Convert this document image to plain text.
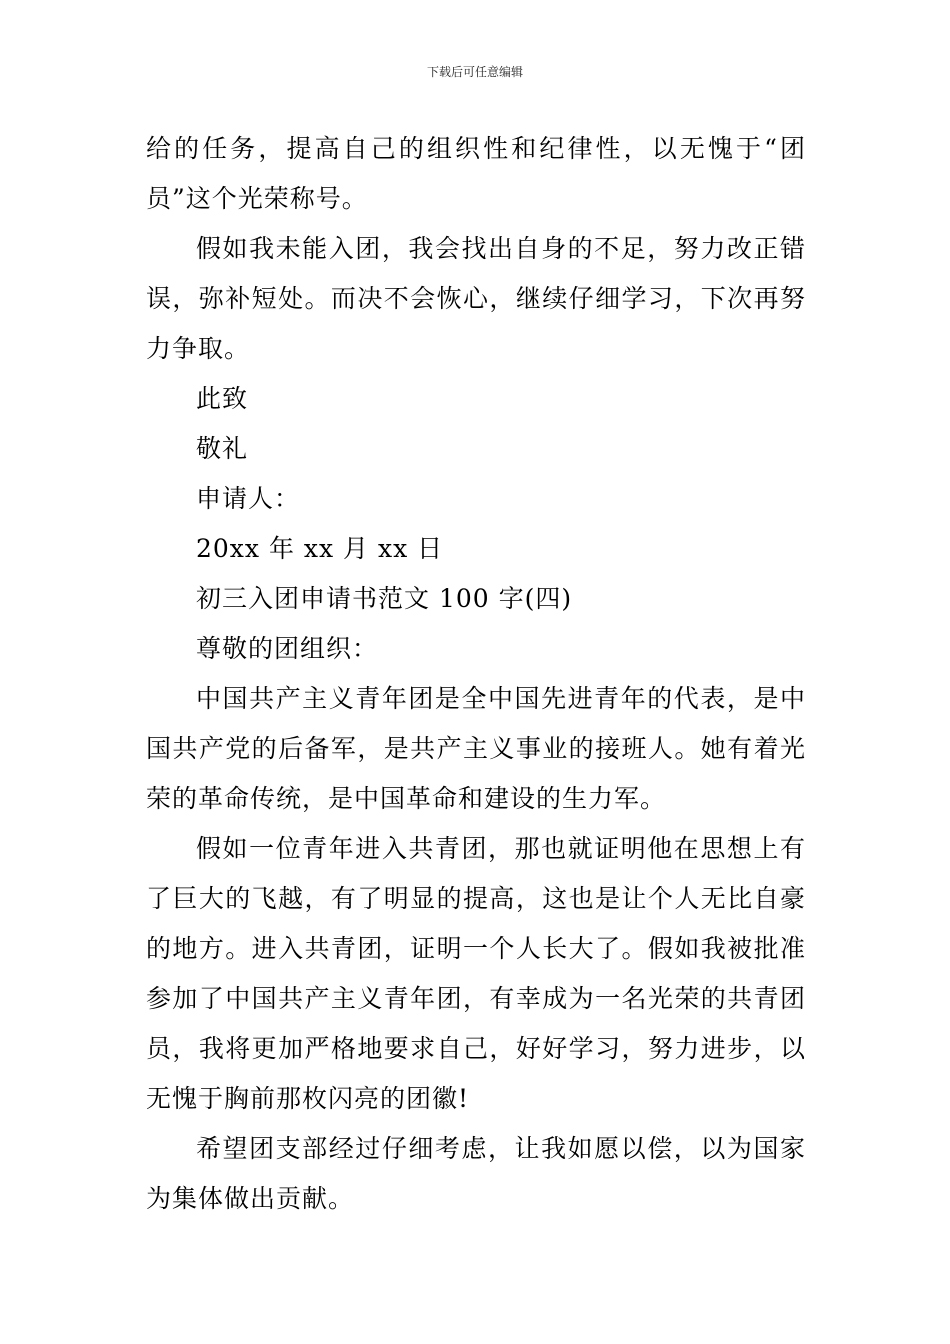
下载后可任意编辑

给的任务，提高自己的组织性和纪律性，以无愧于“团员”这个光荣称号。

假如我未能入团，我会找出自身的不足，努力改正错误，弥补短处。而决不会恢心，继续仔细学习，下次再努力争取。

此致

敬礼

申请人：

20xx 年 xx 月 xx 日

初三入团申请书范文 100 字(四)

尊敬的团组织：

中国共产主义青年团是全中国先进青年的代表，是中国共产党的后备军，是共产主义事业的接班人。她有着光荣的革命传统，是中国革命和建设的生力军。

假如一位青年进入共青团，那也就证明他在思想上有了巨大的飞越，有了明显的提高，这也是让个人无比自豪的地方。进入共青团，证明一个人长大了。假如我被批准参加了中国共产主义青年团，有幸成为一名光荣的共青团员，我将更加严格地要求自己，好好学习，努力进步，以无愧于胸前那枚闪亮的团徽!

希望团支部经过仔细考虑，让我如愿以偿，以为国家为集体做出贡献。
